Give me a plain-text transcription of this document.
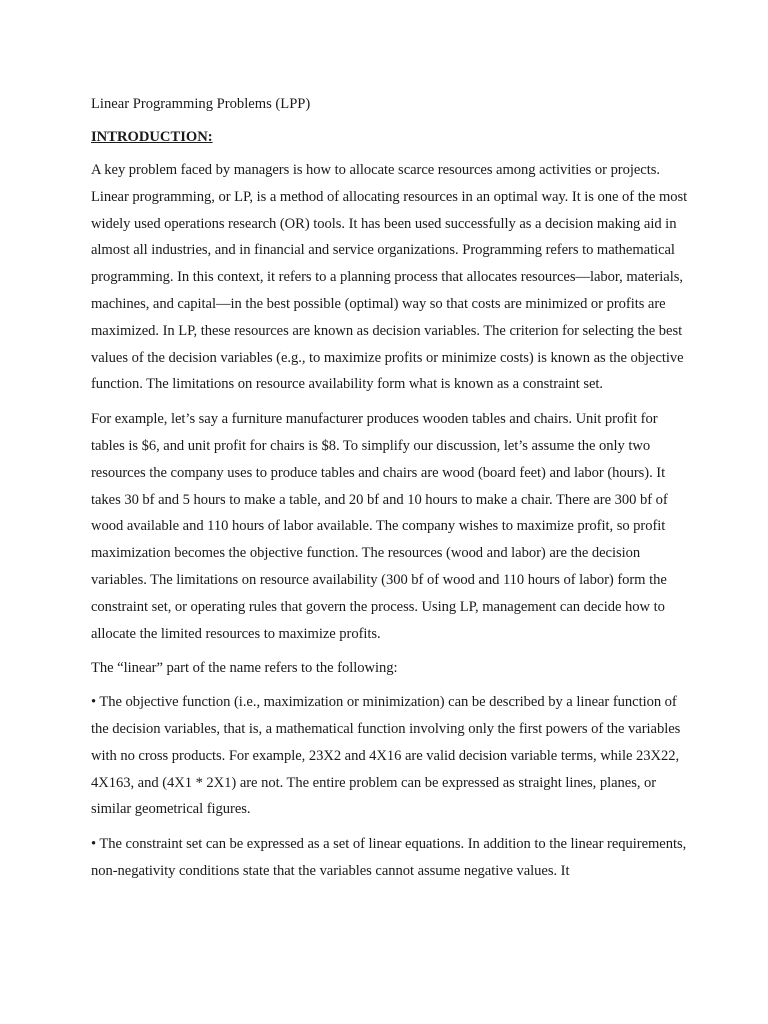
Linear Programming Problems (LPP)

INTRODUCTION:

A key problem faced by managers is how to allocate scarce resources among activities or projects. Linear programming, or LP, is a method of allocating resources in an optimal way. It is one of the most widely used operations research (OR) tools. It has been used successfully as a decision making aid in almost all industries, and in financial and service organizations. Programming refers to mathematical programming. In this context, it refers to a planning process that allocates resources—labor, materials, machines, and capital—in the best possible (optimal) way so that costs are minimized or profits are maximized. In LP, these resources are known as decision variables. The criterion for selecting the best values of the decision variables (e.g., to maximize profits or minimize costs) is known as the objective function. The limitations on resource availability form what is known as a constraint set.

For example, let’s say a furniture manufacturer produces wooden tables and chairs. Unit profit for tables is $6, and unit profit for chairs is $8. To simplify our discussion, let’s assume the only two resources the company uses to produce tables and chairs are wood (board feet) and labor (hours). It takes 30 bf and 5 hours to make a table, and 20 bf and 10 hours to make a chair. There are 300 bf of wood available and 110 hours of labor available. The company wishes to maximize profit, so profit maximization becomes the objective function. The resources (wood and labor) are the decision variables. The limitations on resource availability (300 bf of wood and 110 hours of labor) form the constraint set, or operating rules that govern the process. Using LP, management can decide how to allocate the limited resources to maximize profits.

The “linear” part of the name refers to the following:

• The objective function (i.e., maximization or minimization) can be described by a linear function of the decision variables, that is, a mathematical function involving only the first powers of the variables with no cross products. For example, 23X2 and 4X16 are valid decision variable terms, while 23X22, 4X163, and (4X1 * 2X1) are not. The entire problem can be expressed as straight lines, planes, or similar geometrical figures.

• The constraint set can be expressed as a set of linear equations. In addition to the linear requirements, non-negativity conditions state that the variables cannot assume negative values. It
